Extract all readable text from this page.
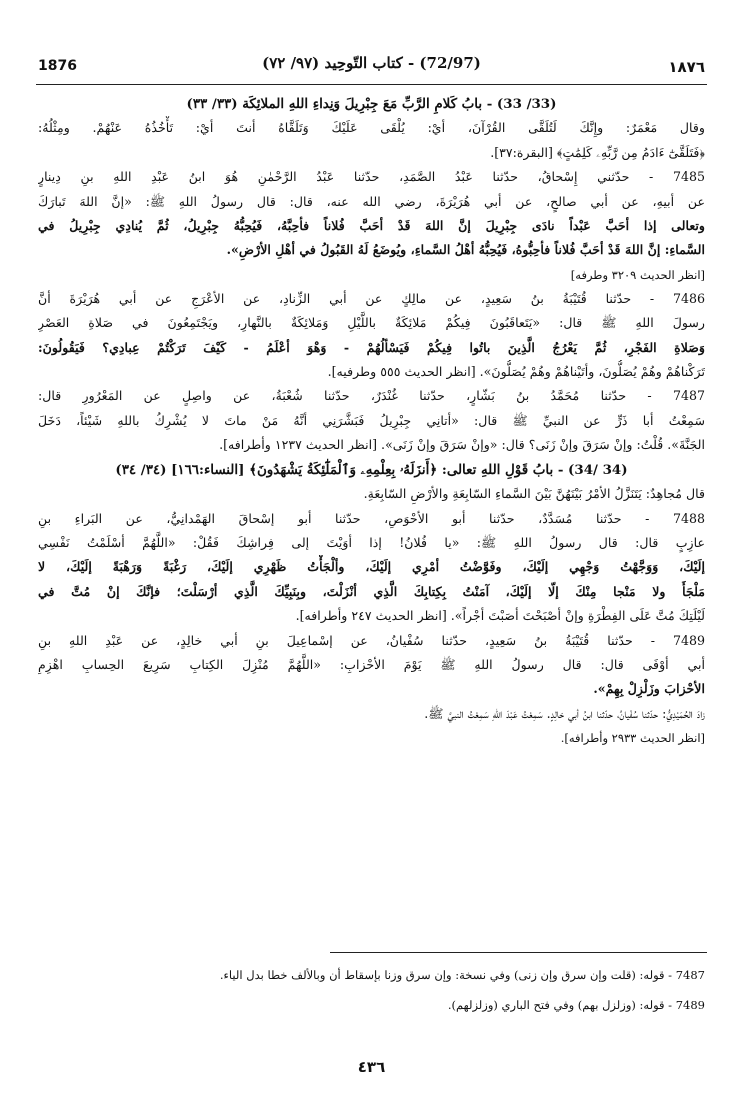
1876	(72/97) - كتاب التّوحِيد (٩٧/ ٧٢)	١٨٧٦
(33/ 33) - بابُ كَلامِ الرَّبِّ مَعَ جِبْرِيلَ وَنِداءِ اللهِ الملائِكَة (٣٣/ ٣٣)
وقال مَعْمَرٌ: وإِنَّكَ لَتُلَقَّى القُرْآنَ، أيْ: يُلْقَى عَلَيْكَ وَتَلَقَّاهُ أنتَ أيْ: تَأْخُذُهُ عَنْهُمْ. ومِثْلُهُ:
﴿فَتَلَقَّىٰٓ ءَادَمُ مِن رَّبِّهِۦ كَلِمَٰتٍ﴾ [البقرة:٣٧].
7485 - حدّثني إِسْحاقُ، حدّثنا عَبْدُ الصَّمَدِ، حدّثنا عَبْدُ الرَّحْمٰنِ هُوَ ابنُ عَبْدِ اللهِ بنِ دِينارٍ
عن أبيهِ، عن أبي صالحٍ، عن أبي هُرَيْرَةَ، رضي الله عنه، قال: قال رسولُ اللهِ ﷺ: «إنَّ اللهَ تَبارَكَ
وتعالى إذا أحَبَّ عَبْداً نادَى جِبْرِيلَ إنَّ اللهَ قَدْ أحَبَّ فُلاناً فأحِبَّهُ، فَيُحِبُّهُ جِبْرِيلُ، ثُمَّ يُنادِي جِبْرِيلُ في
السَّماءِ: إنَّ اللهَ قَدْ أحَبَّ فُلاناً فأحِبُّوهُ، فَيُحِبُّهُ أهْلُ السَّماءِ، ويُوضَعُ لَهُ القَبُولُ في أهْلِ الأرْضِ».
[انظر الحديث ٣٢٠٩ وطرفه]
7486 - حدّثنا قُتَيْبَةُ بنُ سَعِيدٍ، عن مالِكٍ عن أبي الزِّنادِ، عن الأعْرَجِ عن أبي هُرَيْرَةَ أنَّ
رسولَ اللهِ ﷺ قال: «يَتَعاقَبُونَ فِيكُمْ مَلائِكَةٌ باللَّيْلِ وَمَلائِكَةٌ بالنَّهارِ، ويَجْتَمِعُونَ في صَلاةِ العَصْرِ
وَصَلاةِ الفَجْرِ، ثُمَّ يَعْرُجُ الَّذِينَ باتُوا فِيكُمْ فَيَسْألُهُمْ - وَهْوَ أعْلَمُ - كَيْفَ تَرَكْتُمْ عِبادِي؟ فَيَقُولُونَ:
تَرَكْناهُمْ وهُمْ يُصَلُّونَ، وأتَيْناهُمْ وهُمْ يُصَلُّونَ». [انظر الحديث ٥٥٥ وطرفيه].
7487 - حدّثنا مُحَمَّدُ بنُ بَشّارٍ، حدّثنا غُنْدَرٌ، حدّثنا شُعْبَةُ، عن واصِلٍ عن المَعْرُورِ قال:
سَمِعْتُ أبا ذَرٍّ عن النبيِّ ﷺ قال: «أتانِي جِبْرِيلُ فَبَشَّرَنِي أنَّهُ مَنْ ماتَ لا يُشْرِكُ باللهِ شَيْئاً، دَخَلَ
الجَنَّةَ». قُلْتُ: وإنْ سَرَقَ وإنْ زَنَى؟ قال: «وإنْ سَرَقَ وإنْ زَنَى». [انظر الحديث ١٢٣٧ وأطرافه].
(34 /34) - بابُ قَوْلِ اللهِ تعالى: ﴿أَنزَلَهُۥ بِعِلْمِهِۦ وَٱلْمَلَٰٓئِكَةُ يَشْهَدُونَ﴾ [النساء:١٦٦] (٣٤/ ٣٤)
قال مُجاهِدٌ: يَتَنَزَّلُ الأمْرُ بَيْنَهُنَّ بَيْنَ السَّماءِ السّابِعَةِ والأرْضِ السّابِعَةِ.
7488 - حدّثنا مُسَدَّدٌ، حدّثنا أبو الأحْوَصِ، حدّثنا أبو إسْحاقَ الهَمْدانِيُّ، عن البَراءِ بنِ
عازِبٍ قال: قال رسولُ اللهِ ﷺ: «يا فُلانُ! إذا أوَيْتَ إلى فِراشِكَ فَقُلْ: «اللَّهُمَّ أسْلَمْتُ نَفْسِي
إلَيْكَ، وَوَجَّهْتُ وَجْهِي إلَيْكَ، وفَوَّضْتُ أمْرِي إلَيْكَ، وألْجَأْتُ ظَهْرِي إلَيْكَ، رَغْبَةً وَرَهْبَةً إلَيْكَ، لا
مَلْجَأَ ولا مَنْجا مِنْكَ إلّا إلَيْكَ، آمَنْتُ بِكِتابِكَ الَّذِي أنْزَلْتَ، وبِنَبِيِّكَ الَّذِي أرْسَلْتَ؛ فإنَّكَ إنْ مُتَّ في
لَيْلَتِكَ مُتَّ عَلَى الفِطْرَةِ وإنْ أصْبَحْتَ أصَبْتَ أجْراً». [انظر الحديث ٢٤٧ وأطرافه].
7489 - حدّثنا قُتَيْبَةُ بنُ سَعِيدٍ، حدّثنا سُفْيانُ، عن إسْماعِيلَ بنِ أبي خالِدٍ، عن عَبْدِ اللهِ بنِ
أبي أوْفَى قال: قال رسولُ اللهِ ﷺ يَوْمَ الأحْزابِ: «اللَّهُمَّ مُنْزِلَ الكِتابِ سَرِيعَ الحِسابِ اهْزِمِ
الأحْزابَ وزَلْزِلْ بِهِمْ».
زادَ الحُمَيْدِيُّ: حدّثنا سُفْيانُ، حدّثنا ابنُ أبي خالِدٍ. سَمِعْتُ عَبْدَ اللهِ سَمِعْتُ النبيَّ ﷺ.
[انظر الحديث ٢٩٣٣ وأطرافه].
7487 - قوله: (قلت وإن سرق وإن زنى) وفي نسخة: وإن سرق وزنا بإسقاط أن وبالألف خطا بدل الياء.
7489 - قوله: (وزلزل بهم) وفي فتح الباري (وزلزلهم).
٤٣٦
